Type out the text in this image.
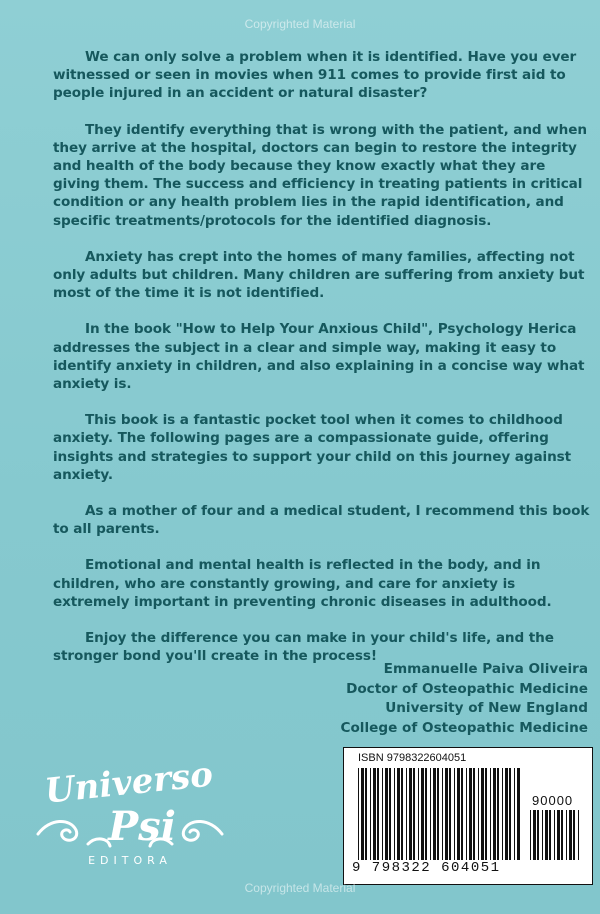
Copyrighted Material

We can only solve a problem when it is identified. Have you ever witnessed or seen in movies when 911 comes to provide first aid to people injured in an accident or natural disaster?

They identify everything that is wrong with the patient, and when they arrive at the hospital, doctors can begin to restore the integrity and health of the body because they know exactly what they are giving them. The success and efficiency in treating patients in critical condition or any health problem lies in the rapid identification, and specific treatments/protocols for the identified diagnosis.

Anxiety has crept into the homes of many families, affecting not only adults but children. Many children are suffering from anxiety but most of the time it is not identified.

In the book "How to Help Your Anxious Child", Psychology Herica addresses the subject in a clear and simple way, making it easy to identify anxiety in children, and also explaining in a concise way what anxiety is.

This book is a fantastic pocket tool when it comes to childhood anxiety. The following pages are a compassionate guide, offering insights and strategies to support your child on this journey against anxiety.

As a mother of four and a medical student, I recommend this book to all parents.

Emotional and mental health is reflected in the body, and in children, who are constantly growing, and care for anxiety is extremely important in preventing chronic diseases in adulthood.

Enjoy the difference you can make in your child's life, and the stronger bond you'll create in the process!

Emmanuelle Paiva Oliveira
Doctor of Osteopathic Medicine
University of New England
College of Osteopathic Medicine
Universo
Psi
EDITORA
ISBN 9798322604051
90000
9 798322 604051
Copyrighted Material
